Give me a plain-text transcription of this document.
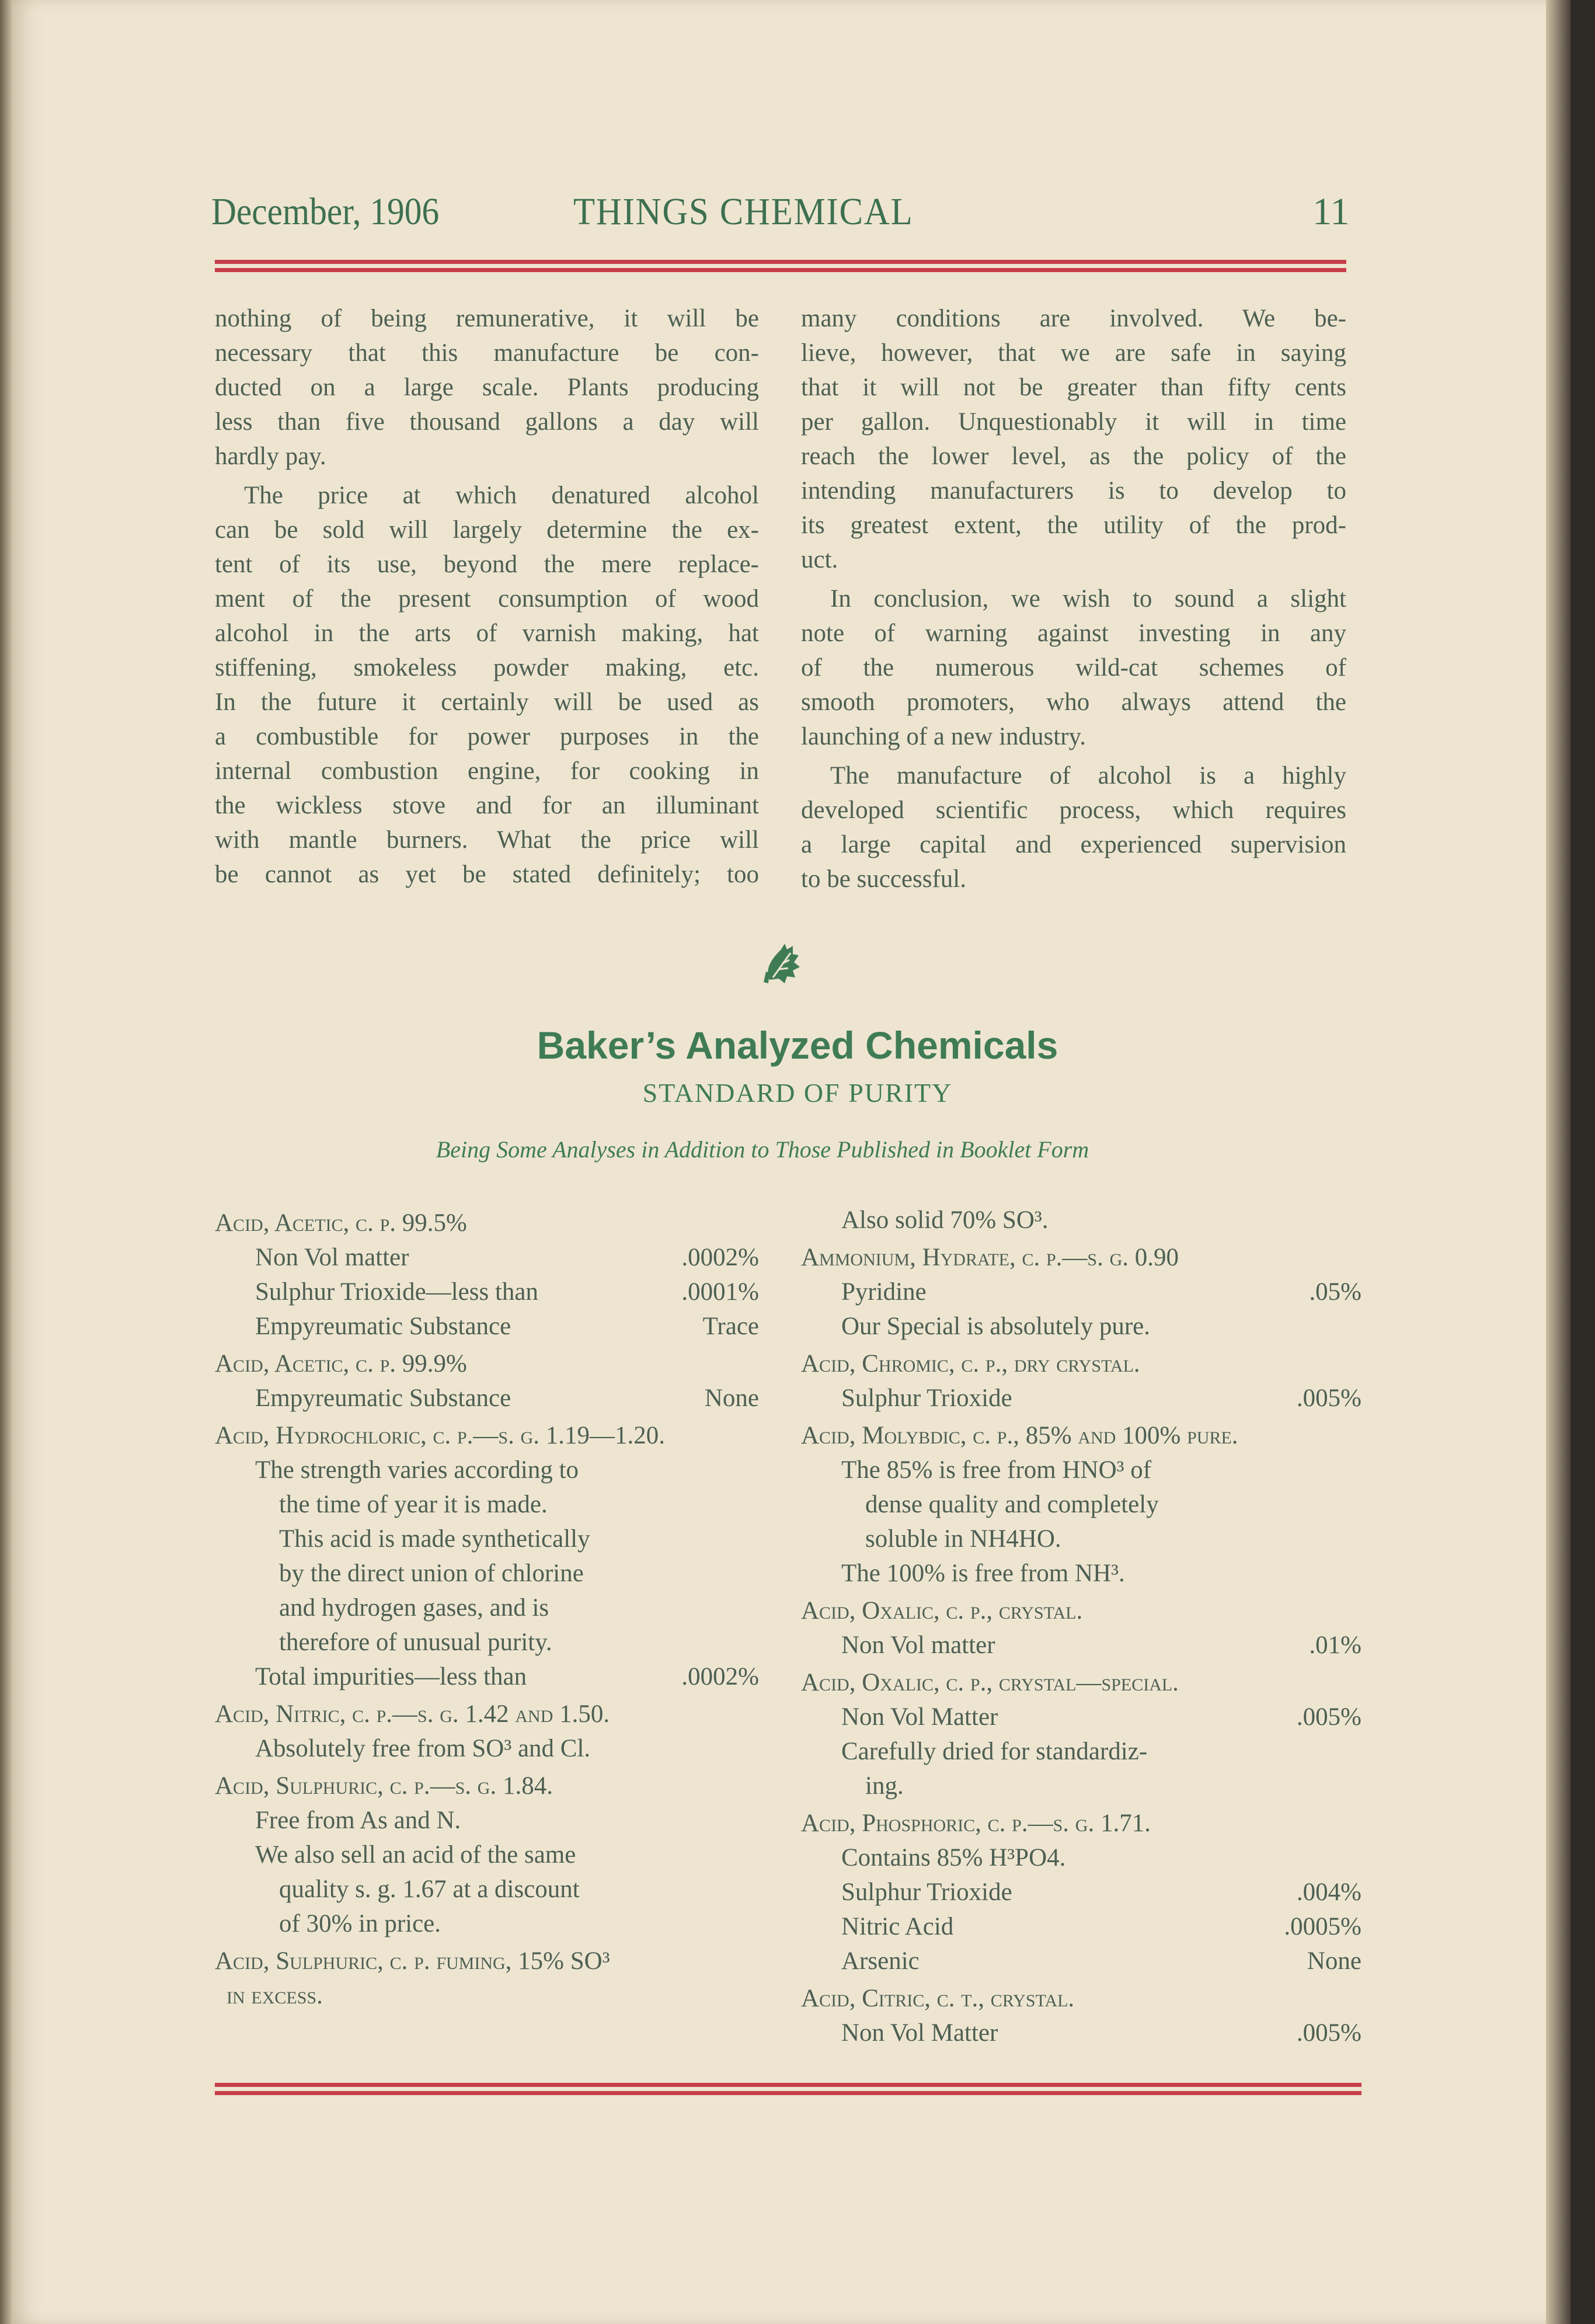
December, 1906	THINGS CHEMICAL	11
nothing of being remunerative, it will be
necessary that this manufacture be con-
ducted on a large scale. Plants producing
less than five thousand gallons a day will
hardly pay.
The price at which denatured alcohol
can be sold will largely determine the ex-
tent of its use, beyond the mere replace-
ment of the present consumption of wood
alcohol in the arts of varnish making, hat
stiffening, smokeless powder making, etc.
In the future it certainly will be used as
a combustible for power purposes in the
internal combustion engine, for cooking in
the wickless stove and for an illuminant
with mantle burners. What the price will
be cannot as yet be stated definitely; too
many conditions are involved. We be-
lieve, however, that we are safe in saying
that it will not be greater than fifty cents
per gallon. Unquestionably it will in time
reach the lower level, as the policy of the
intending manufacturers is to develop to
its greatest extent, the utility of the prod-
uct.
In conclusion, we wish to sound a slight
note of warning against investing in any
of the numerous wild-cat schemes of
smooth promoters, who always attend the
launching of a new industry.
The manufacture of alcohol is a highly
developed scientific process, which requires
a large capital and experienced supervision
to be successful.
Baker’s Analyzed Chemicals
STANDARD OF PURITY
Being Some Analyses in Addition to Those Published in Booklet Form
Acid, Acetic, c. p. 99.5%
Non Vol matter	.0002%
Sulphur Trioxide—less than	.0001%
Empyreumatic Substance	Trace
Acid, Acetic, c. p. 99.9%
Empyreumatic Substance	None
Acid, Hydrochloric, c. p.—s. g. 1.19—1.20.
The strength varies according to
the time of year it is made.
This acid is made synthetically
by the direct union of chlorine
and hydrogen gases, and is
therefore of unusual purity.
Total impurities—less than	.0002%
Acid, Nitric, c. p.—s. g. 1.42 and 1.50.
Absolutely free from SO³ and Cl.
Acid, Sulphuric, c. p.—s. g. 1.84.
Free from As and N.
We also sell an acid of the same
quality s. g. 1.67 at a discount
of 30% in price.
Acid, Sulphuric, c. p. fuming, 15% SO³
in excess.
Also solid 70% SO³.
Ammonium, Hydrate, c. p.—s. g. 0.90
Pyridine	.05%
Our Special is absolutely pure.
Acid, Chromic, c. p., dry crystal.
Sulphur Trioxide	.005%
Acid, Molybdic, c. p., 85% and 100% pure.
The 85% is free from HNO³ of
dense quality and completely
soluble in NH4HO.
The 100% is free from NH³.
Acid, Oxalic, c. p., crystal.
Non Vol matter	.01%
Acid, Oxalic, c. p., crystal—special.
Non Vol Matter	.005%
Carefully dried for standardiz-
ing.
Acid, Phosphoric, c. p.—s. g. 1.71.
Contains 85% H³PO4.
Sulphur Trioxide	.004%
Nitric Acid	.0005%
Arsenic	None
Acid, Citric, c. t., crystal.
Non Vol Matter	.005%
